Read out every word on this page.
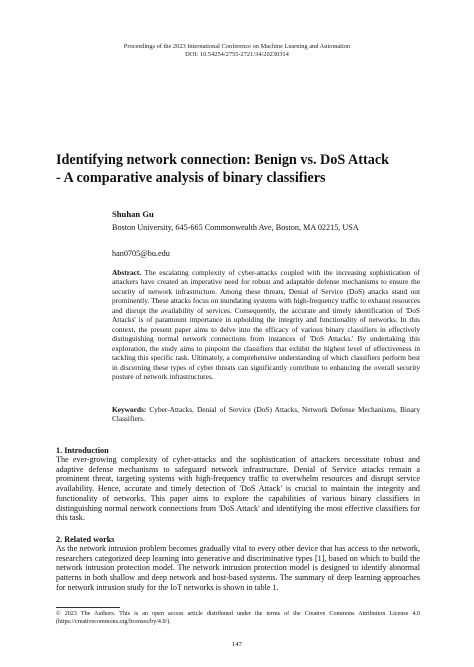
Proceedings of the 2023 International Conference on Machine Learning and Automation
DOI: 10.54254/2755-2721/34/20230314
Identifying network connection: Benign vs. DoS Attack
- A comparative analysis of binary classifiers
Shuhan Gu
Boston University, 645-665 Commonwealth Ave, Boston, MA 02215, USA
han0705@bu.edu
Abstract. The escalating complexity of cyber-attacks coupled with the increasing sophistication of attackers have created an imperative need for robust and adaptable defense mechanisms to ensure the security of network infrastructure. Among these threats, Denial of Service (DoS) attacks stand out prominently. These attacks focus on inundating systems with high-frequency traffic to exhaust resources and disrupt the availability of services. Consequently, the accurate and timely identification of 'DoS Attacks' is of paramount importance in upholding the integrity and functionality of networks. In this context, the present paper aims to delve into the efficacy of various binary classifiers in effectively distinguishing normal network connections from instances of 'DoS Attacks.' By undertaking this exploration, the study aims to pinpoint the classifiers that exhibit the highest level of effectiveness in tackling this specific task. Ultimately, a comprehensive understanding of which classifiers perform best in discerning these types of cyber threats can significantly contribute to enhancing the overall security posture of network infrastructures.
Keywords: Cyber-Attacks, Denial of Service (DoS) Attacks, Network Defense Mechanisms, Binary Classifiers.
1. Introduction
The ever-growing complexity of cyber-attacks and the sophistication of attackers necessitate robust and adaptive defense mechanisms to safeguard network infrastructure. Denial of Service attacks remain a prominent threat, targeting systems with high-frequency traffic to overwhelm resources and disrupt service availability. Hence, accurate and timely detection of 'DoS Attack' is crucial to maintain the integrity and functionality of networks. This paper aims to explore the capabilities of various binary classifiers in distinguishing normal network connections from 'DoS Attack' and identifying the most effective classifiers for this task.
2. Related works
As the network intrusion problem becomes gradually vital to every other device that has access to the network, researchers categorized deep learning into generative and discriminative types [1], based on which to build the network intrusion protection model. The network intrusion protection model is designed to identify abnormal patterns in both shallow and deep network and host-based systems. The summary of deep learning approaches for network intrusion study for the IoT networks is shown in table 1.
© 2023 The Authors. This is an open access article distributed under the terms of the Creative Commons Attribution License 4.0 (https://creativecommons.org/licenses/by/4.0/).
147
